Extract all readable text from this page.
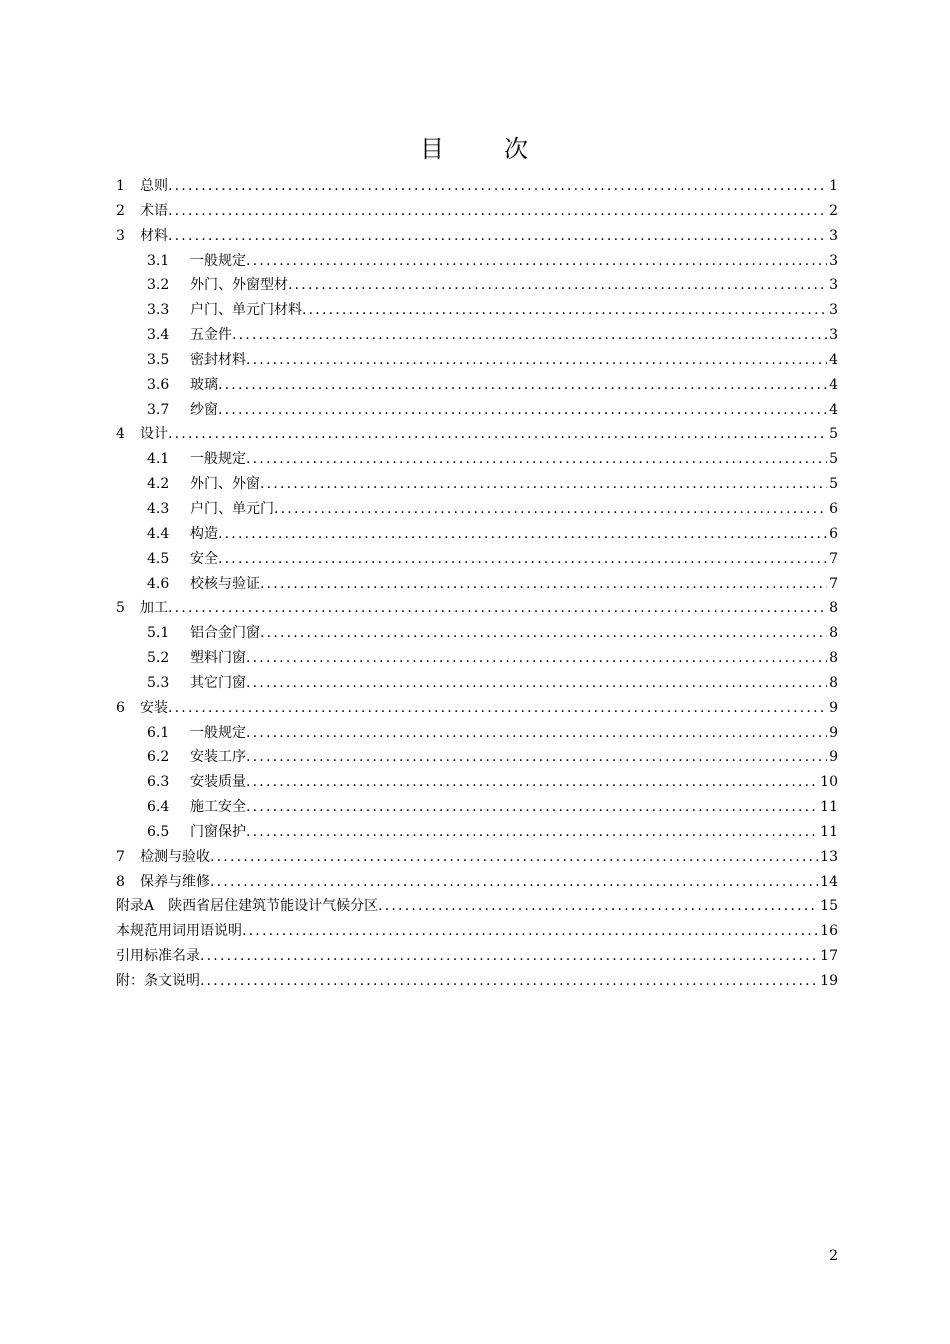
目 次
1	总则 .....	1
2	术语 .....	2
3	材料 .....	3
3.1	一般规定 .....	3
3.2	外门、外窗型材 .....	3
3.3	户门、单元门材料 .....	3
3.4	五金件 .....	3
3.5	密封材料 .....	4
3.6	玻璃 .....	4
3.7	纱窗 .....	4
4	设计 .....	5
4.1	一般规定 .....	5
4.2	外门、外窗 .....	5
4.3	户门、单元门 .....	6
4.4	构造 .....	6
4.5	安全 .....	7
4.6	校核与验证 .....	7
5	加工 .....	8
5.1	铝合金门窗 .....	8
5.2	塑料门窗 .....	8
5.3	其它门窗 .....	8
6	安装 .....	9
6.1	一般规定 .....	9
6.2	安装工序 .....	9
6.3	安装质量 .....	10
6.4	施工安全 .....	11
6.5	门窗保护 .....	11
7	检测与验收 .....	13
8	保养与维修 .....	14
附录A　陕西省居住建筑节能设计气候分区 .....	15
本规范用词用语说明 .....	16
引用标准名录 .....	17
附：条文说明 .....	19
2
